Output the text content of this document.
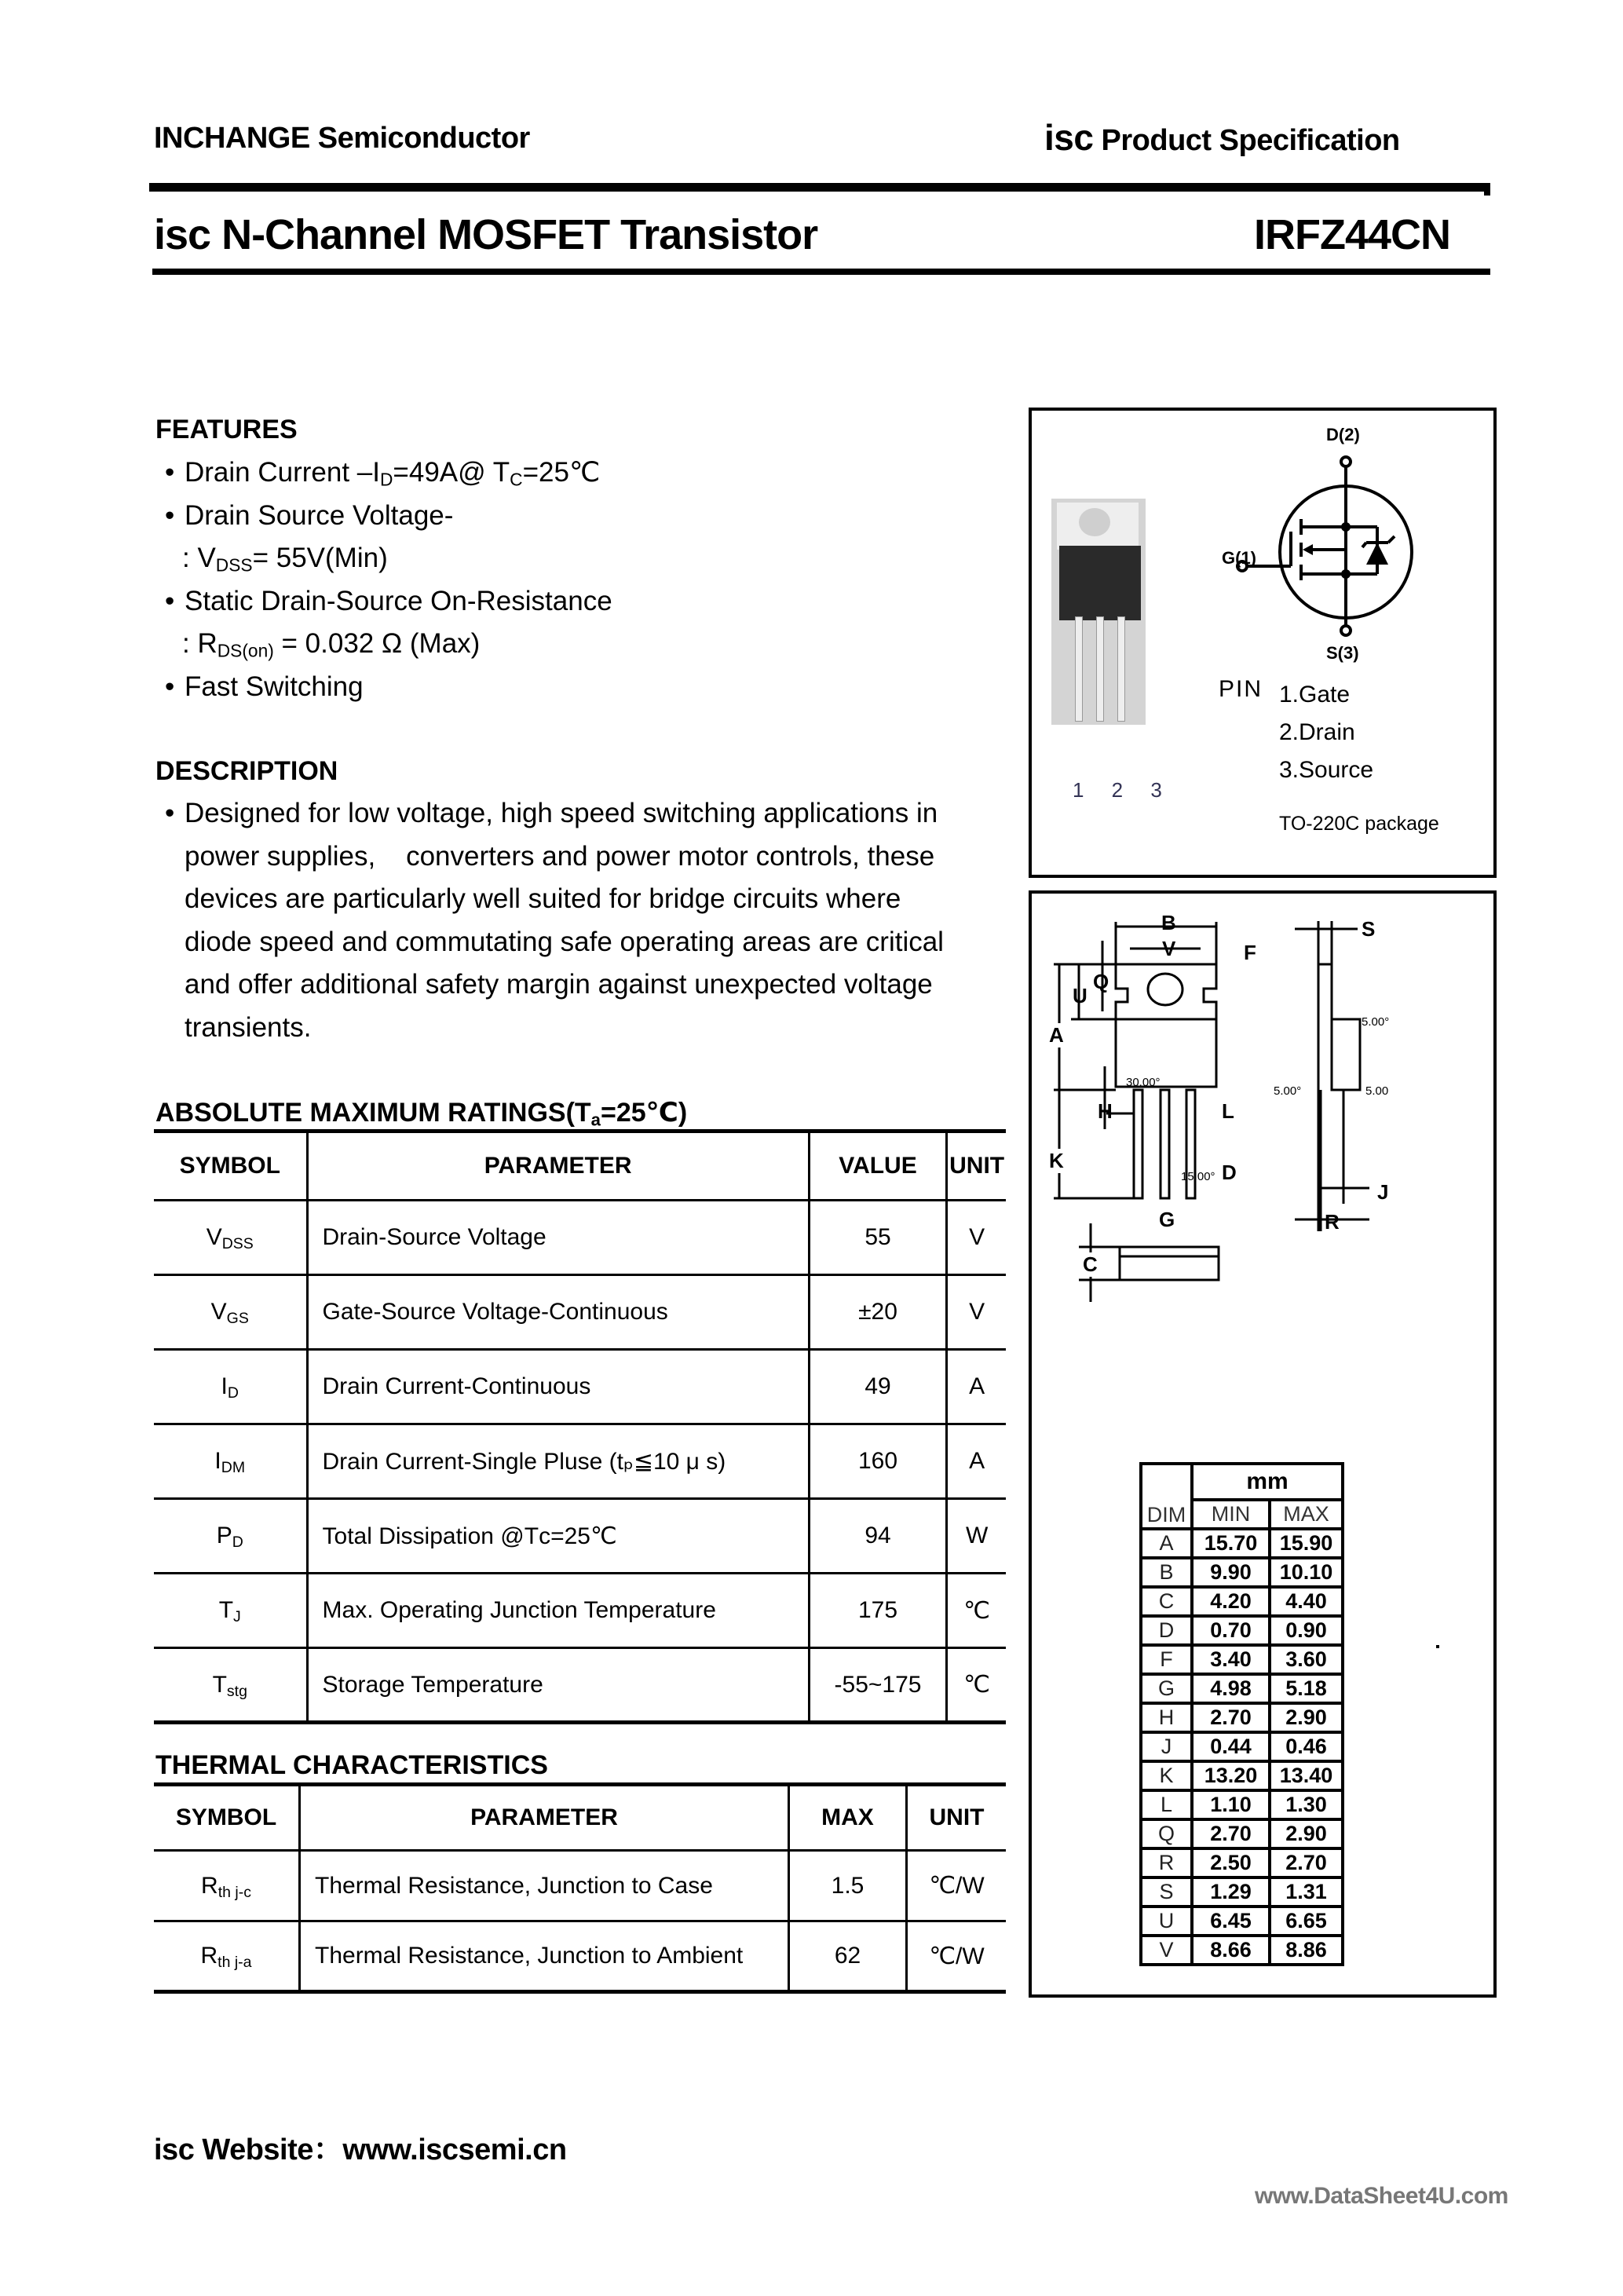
INCHANGE Semiconductor	isc Product Specification
isc N-Channel MOSFET Transistor	IRFZ44CN
FEATURES
• Drain Current $-I_D=49A@$ $T_C=25℃$
• Drain Source Voltage-
: $V_{DSS}= 55V(Min)$
• Static Drain-Source On-Resistance
: $R_{DS(on)} = 0.032$ Ω (Max)
• Fast Switching
DESCRIPTION
• Designed for low voltage, high speed switching applications in
power supplies,    converters and power motor controls, these
devices are particularly well suited for bridge circuits where
diode speed and commutating safe operating areas are critical
and offer additional safety margin against unexpected voltage
transients.
ABSOLUTE MAXIMUM $RATINGS(T_a=25℃)$
SYMBOL	PARAMETER	VALUE	UNIT
$V_{DSS}$	Drain-Source Voltage	55	V
$V_{GS}$	Gate-Source Voltage-Continuous	±20	V
$I_D$	Drain Current-Continuous	49	A
$I_{DM}$	Drain Current-Single Pluse (tₚ≦10 μ s)	160	A
$P_D$	Total Dissipation @Tᴄ=25℃	94	W
$T_J$	Max. Operating Junction Temperature	175	℃
$T_{stg}$	Storage Temperature	-55~175	℃
THERMAL CHARACTERISTICS
SYMBOL	PARAMETER	MAX	UNIT
$R_{th j-c}$	Thermal Resistance, Junction to Case	1.5	℃/W
$R_{th j-a}$	Thermal Resistance, Junction to Ambient	62	℃/W
1 2 3
D(2)
G(1)
S(3)
PIN 1.Gate
2.Drain
3.Source
TO-220C package
B
V	F
Q
U
A
H	L
K	D
G
C
S
J
R
30.00°
15.00°
5.00°
5.00°	5.00
DIM	mm	
	MIN	MAX
A	15.70	15.90
B	9.90	10.10
C	4.20	4.40
D	0.70	0.90
F	3.40	3.60
G	4.98	5.18
H	2.70	2.90
J	0.44	0.46
K	13.20	13.40
L	1.10	1.30
Q	2.70	2.90
R	2.50	2.70
S	1.29	1.31
U	6.45	6.65
V	8.66	8.86
isc Website：www.iscsemi.cn
www.DataSheet4U.com
